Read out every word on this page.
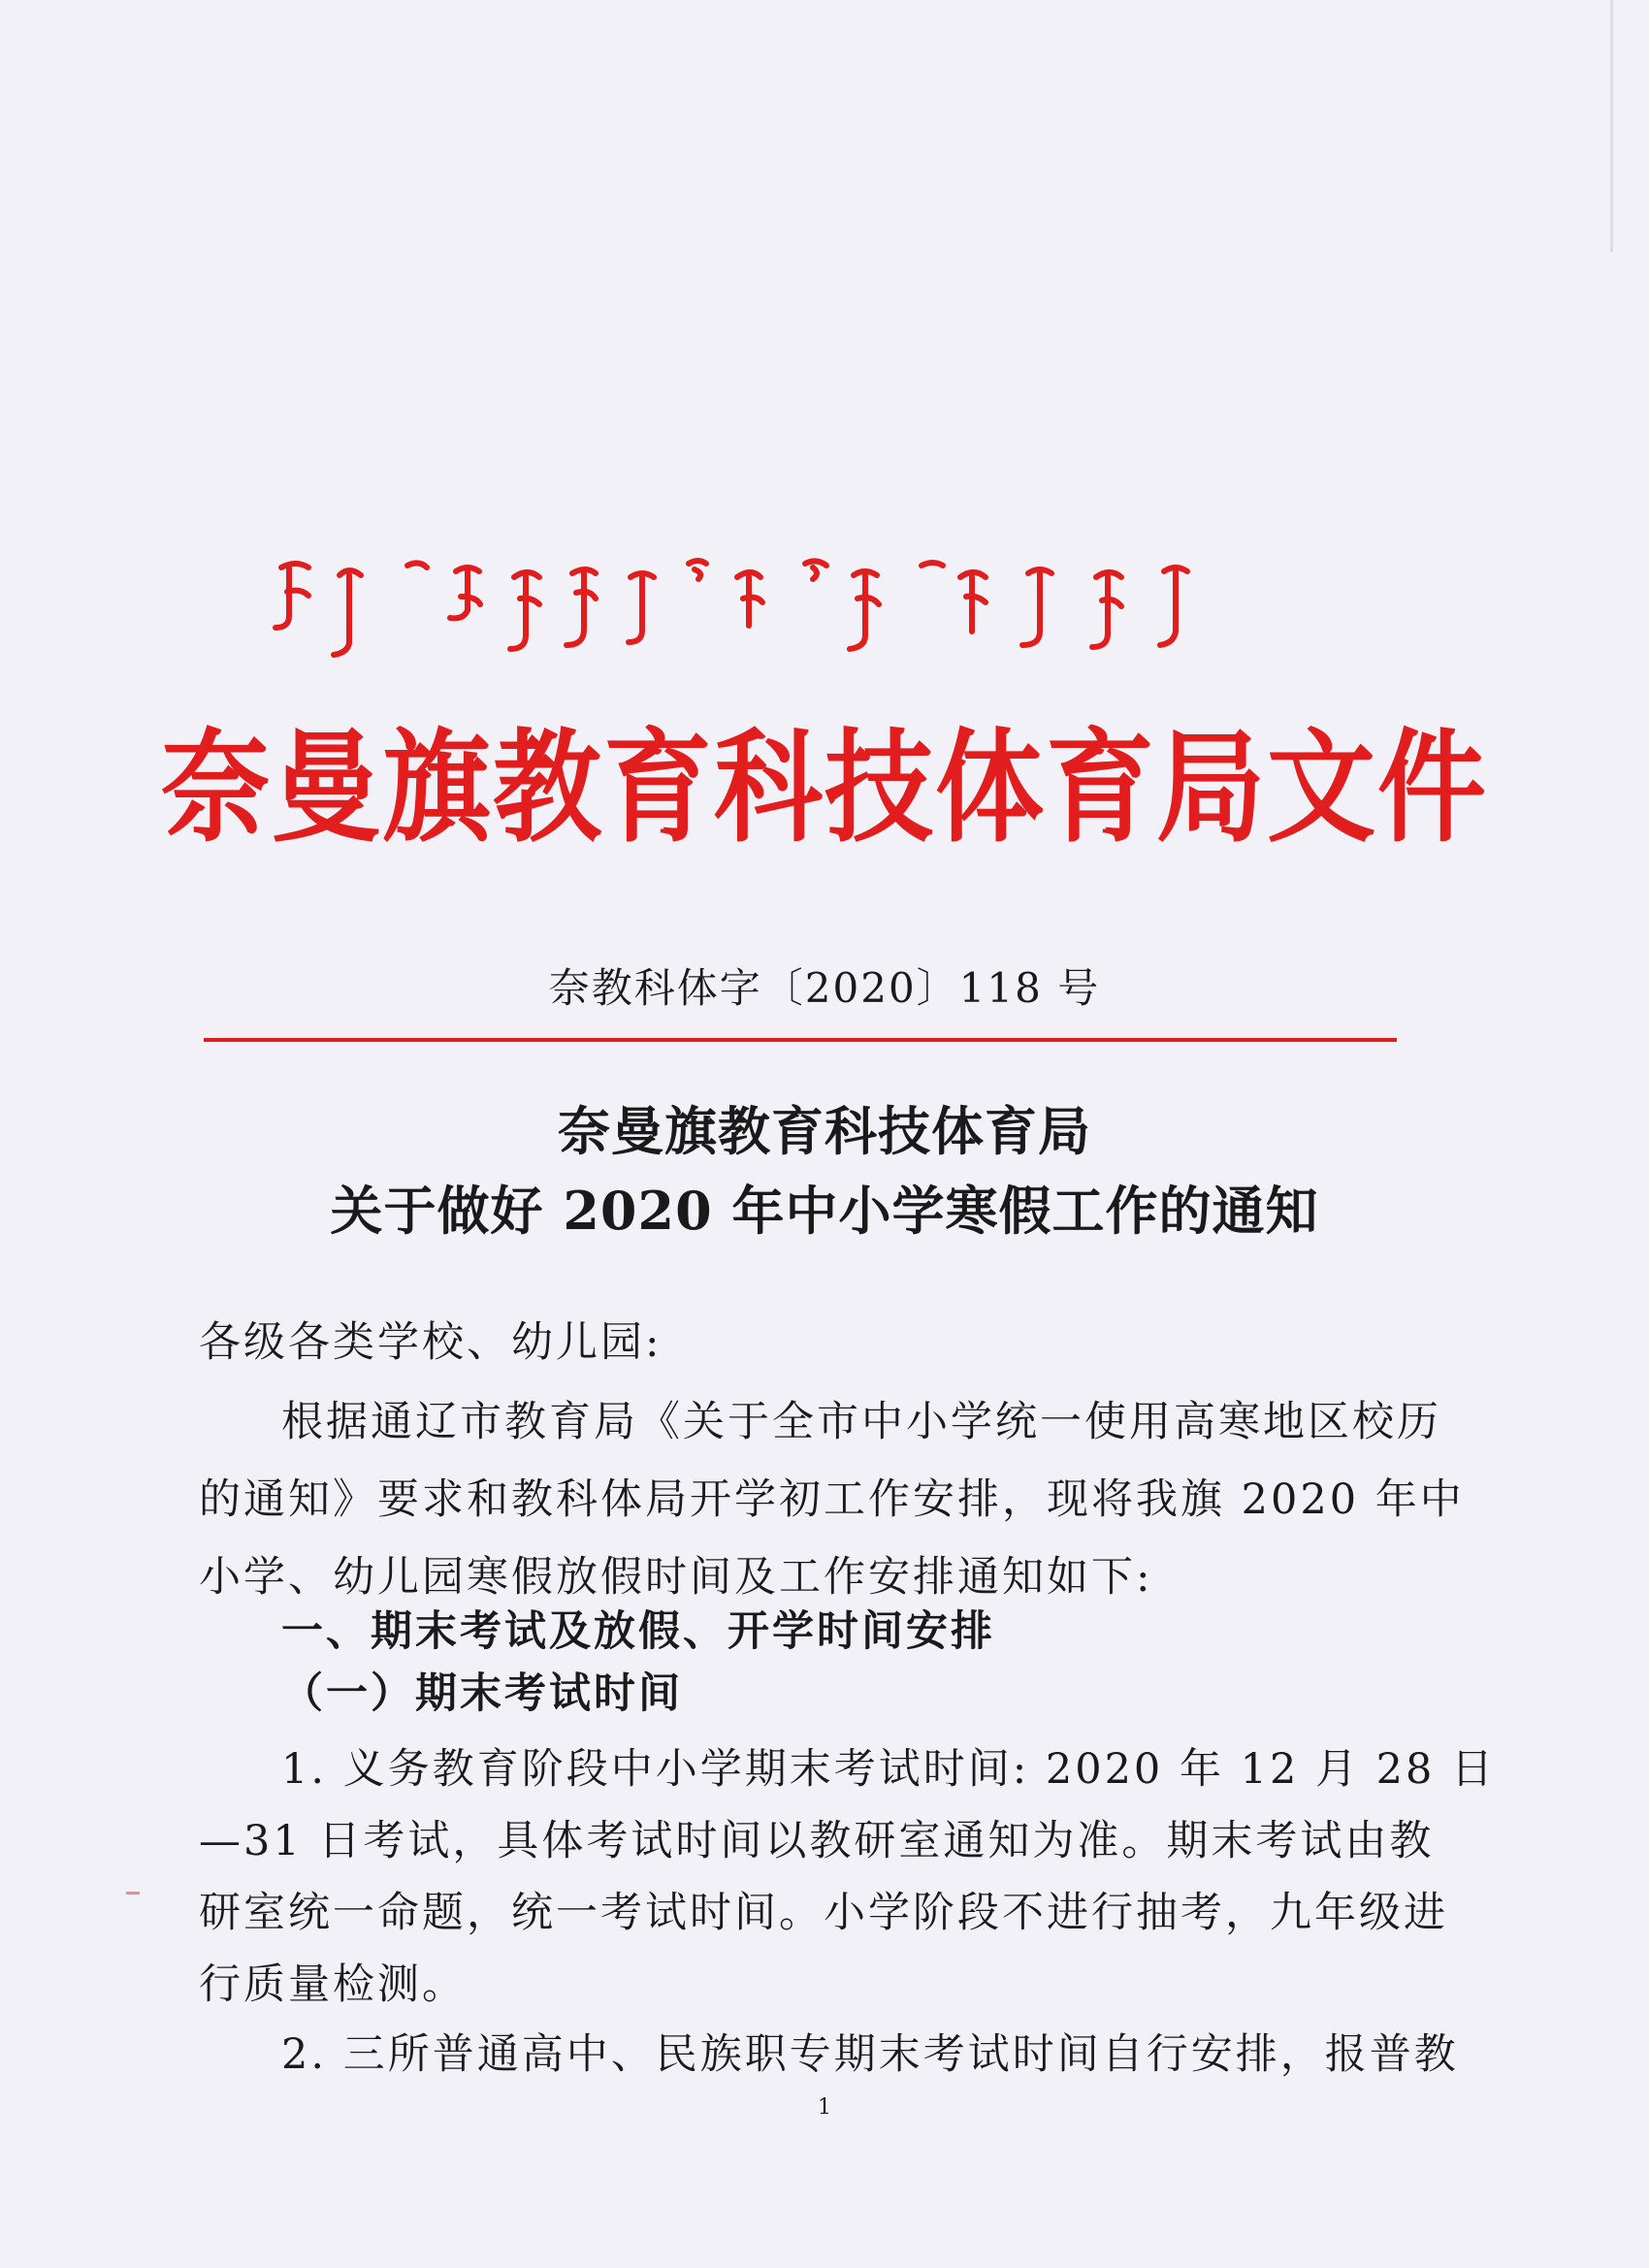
奈曼旗教育科技体育局文件
奈教科体字〔2020〕118 号
奈曼旗教育科技体育局
关于做好 2020 年中小学寒假工作的通知
各级各类学校、幼儿园:
根据通辽市教育局《关于全市中小学统一使用高寒地区校历
的通知》要求和教科体局开学初工作安排，现将我旗 2020 年中
小学、幼儿园寒假放假时间及工作安排通知如下:
一、期末考试及放假、开学时间安排
（一）期末考试时间
1. 义务教育阶段中小学期末考试时间: 2020 年 12 月 28 日
—31 日考试，具体考试时间以教研室通知为准。期末考试由教
研室统一命题，统一考试时间。小学阶段不进行抽考，九年级进
行质量检测。
2. 三所普通高中、民族职专期末考试时间自行安排，报普教
1
